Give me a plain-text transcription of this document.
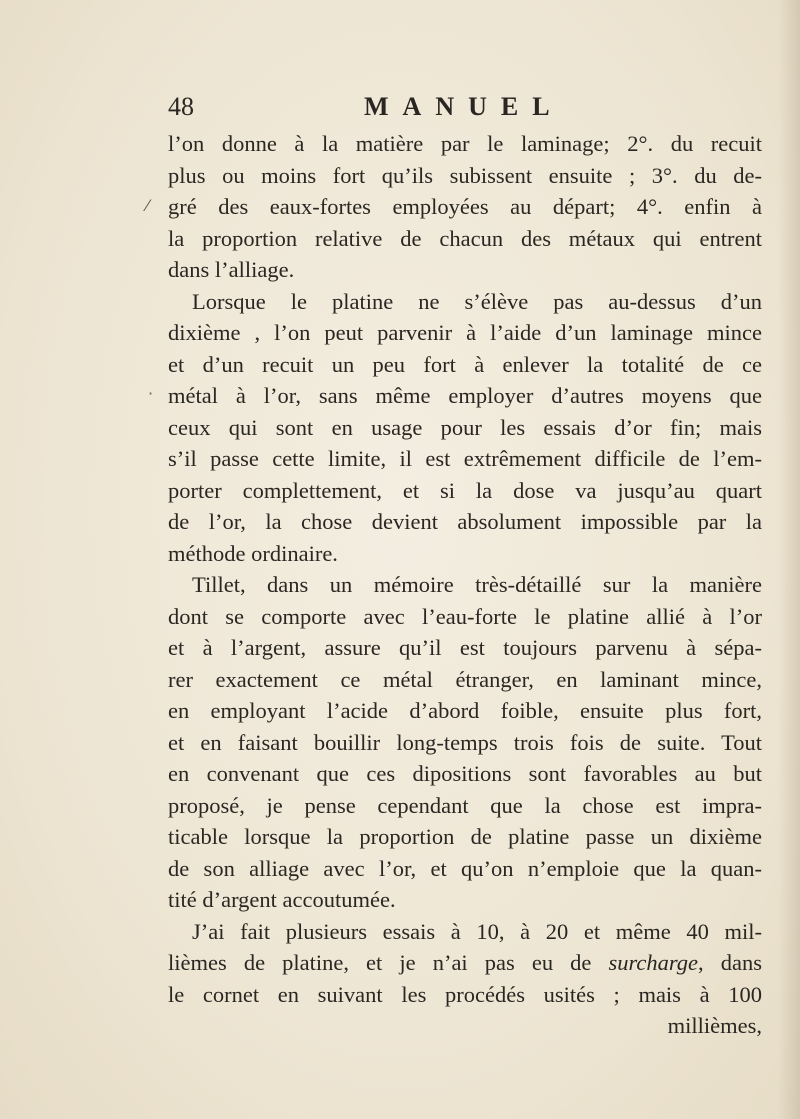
48	MANUEL
⁄
·
l’on donne à la matière par le laminage; 2°. du recuit
plus ou moins fort qu’ils subissent ensuite ; 3°. du de-
gré des eaux-fortes employées au départ; 4°. enfin à
la proportion relative de chacun des métaux qui entrent
dans l’alliage.
Lorsque le platine ne s’élève pas au-dessus d’un
dixième , l’on peut parvenir à l’aide d’un laminage mince
et d’un recuit un peu fort à enlever la totalité de ce
métal à l’or, sans même employer d’autres moyens que
ceux qui sont en usage pour les essais d’or fin; mais
s’il passe cette limite, il est extrêmement difficile de l’em-
porter complettement, et si la dose va jusqu’au quart
de l’or, la chose devient absolument impossible par la
méthode ordinaire.
Tillet, dans un mémoire très-détaillé sur la manière
dont se comporte avec l’eau-forte le platine allié à l’or
et à l’argent, assure qu’il est toujours parvenu à sépa-
rer exactement ce métal étranger, en laminant mince,
en employant l’acide d’abord foible, ensuite plus fort,
et en faisant bouillir long-temps trois fois de suite. Tout
en convenant que ces dipositions sont favorables au but
proposé, je pense cependant que la chose est impra-
ticable lorsque la proportion de platine passe un dixième
de son alliage avec l’or, et qu’on n’emploie que la quan-
tité d’argent accoutumée.
J’ai fait plusieurs essais à 10, à 20 et même 40 mil-
lièmes de platine, et je n’ai pas eu de surcharge, dans
le cornet en suivant les procédés usités ; mais à 100
millièmes,
